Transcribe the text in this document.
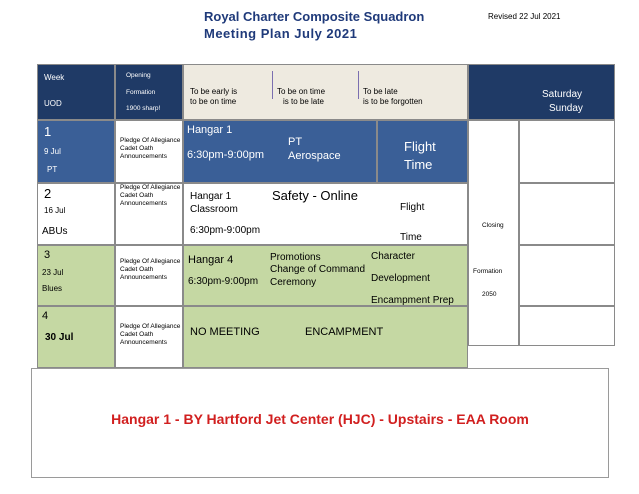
Royal Charter Composite Squadron
Meeting Plan July 2021
Revised 22 Jul 2021
Week
UOD
Opening
Formation
1900 sharp!
To be early is
to be on time
To be on time
is to be late
To be late
is to be forgotten
Saturday
Sunday
Closing
Formation
2050
1
9 Jul
PT
Pledge Of Allegiance
Cadet Oath
Announcements
Hangar 1
6:30pm-9:00pm
PT
Aerospace
Flight
Time
2
16 Jul
ABUs
Pledge Of Allegiance
Cadet Oath
Announcements
Hangar 1
Classroom
6:30pm-9:00pm
Safety - Online
Flight
Time
3
23 Jul
Blues
Pledge Of Allegiance
Cadet Oath
Announcements
Hangar 4
6:30pm-9:00pm
Promotions
Change of Command
Ceremony
Character
Development
Encampment Prep
4
30 Jul
Pledge Of Allegiance
Cadet Oath
Announcements
NO MEETING	ENCAMPMENT
Hangar 1 - BY Hartford Jet Center (HJC) - Upstairs - EAA Room
